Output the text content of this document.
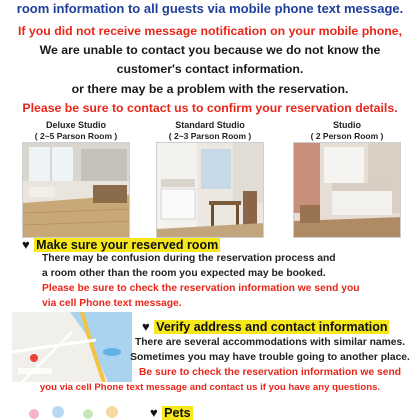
room information to all guests via mobile phone text message.
If you did not receive message notification on your mobile phone,
We are unable to contact you because we do not know the
customer's contact information.
or there may be a problem with the reservation.
Please be sure to contact us to confirm your reservation details.
Deluxe Studio
( 2~5 Parson Room )
Standard Studio
( 2~3 Parson Room )
Studio
( 2 Person Room )
♥ Make sure your reserved room
There may be confusion during the reservation process and
a room other than the room you expected may be booked.
Please be sure to check the reservation information we send you
via cell Phone text message.
♥ Verify address and contact information
There are several accommodations with similar names.
Sometimes you may have trouble going to another place.
Be sure to check the reservation information we send
you via cell Phone text message and contact us if you have any questions.
♥ Pets
